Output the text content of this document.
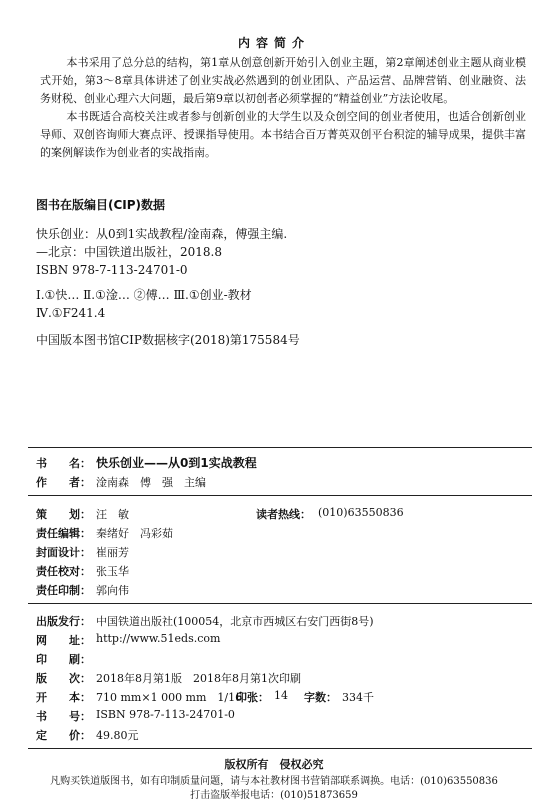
内容简介

本书采用了总分总的结构，第1章从创意创新开始引入创业主题，第2章阐述创业主题从商业模式开始，第3～8章具体讲述了创业实战必然遇到的创业团队、产品运营、品牌营销、创业融资、法务财税、创业心理六大问题，最后第9章以初创者必须掌握的“精益创业”方法论收尾。

本书既适合高校关注或者参与创新创业的大学生以及众创空间的创业者使用，也适合创新创业导师、双创咨询师大赛点评、授课指导使用。本书结合百万菁英双创平台积淀的辅导成果，提供丰富的案例解读作为创业者的实战指南。

图书在版编目(CIP)数据
快乐创业：从0到1实战教程/淦南森，傅强主编.
—北京：中国铁道出版社，2018.8
ISBN 978-7-113-24701-0
Ⅰ.①快… Ⅱ.①淦… ②傅… Ⅲ.①创业-教材
Ⅳ.①F241.4
中国版本图书馆CIP数据核字(2018)第175584号
书　　名： 快乐创业——从0到1实战教程
作　　者： 淦南森　傅　强　主编
策　　划： 汪　敏	读者热线： (010)63550836
责任编辑： 秦绪好　冯彩茹
封面设计： 崔丽芳
责任校对： 张玉华
责任印制： 郭向伟
出版发行： 中国铁道出版社(100054，北京市西城区右安门西街8号)
网　　址： http://www.51eds.com
印　　刷：
版　　次： 2018年8月第1版　2018年8月第1次印刷
开　　本： 710 mm×1 000 mm　1/16
印张： 14 字数： 334千
书　　号： ISBN 978-7-113-24701-0
定　　价： 49.80元
版权所有　侵权必究
凡购买铁道版图书，如有印制质量问题，请与本社教材图书营销部联系调换。电话：(010)63550836
打击盗版举报电话：(010)51873659
